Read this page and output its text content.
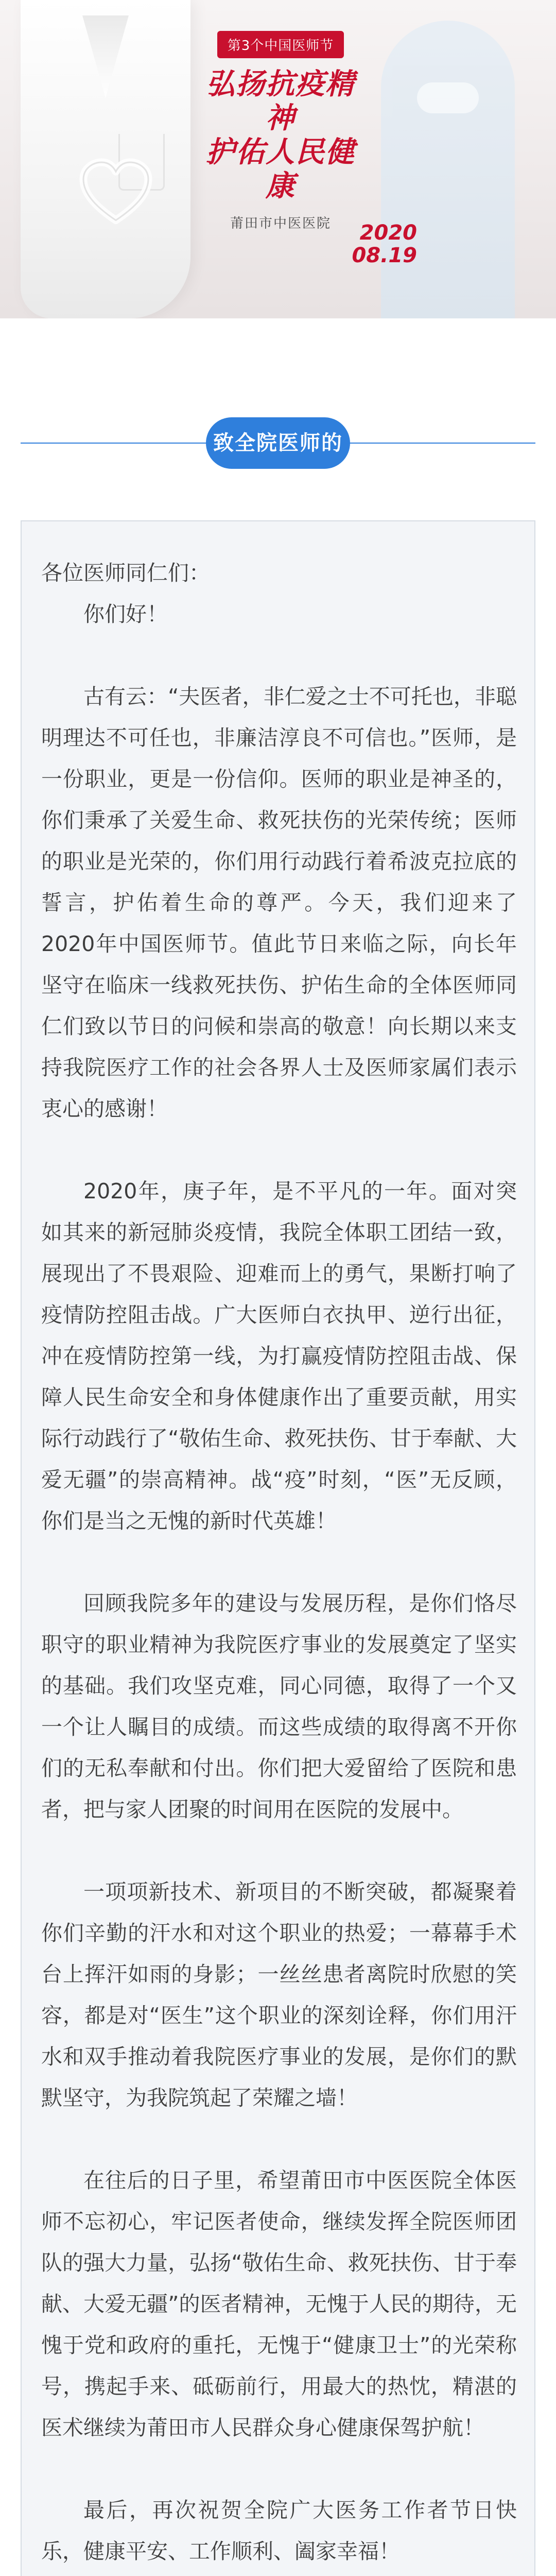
第3个中国医师节
弘扬抗疫精神
护佑人民健康
莆田市中医医院	2020
08.19
致全院医师的一封信

各位医师同仁们：

你们好！

古有云：“夫医者，非仁爱之士不可托也，非聪明理达不可任也，非廉洁淳良不可信也。”医师，是一份职业，更是一份信仰。医师的职业是神圣的，你们秉承了关爱生命、救死扶伤的光荣传统；医师的职业是光荣的，你们用行动践行着希波克拉底的誓言，护佑着生命的尊严。今天，我们迎来了2020年中国医师节。值此节日来临之际，向长年坚守在临床一线救死扶伤、护佑生命的全体医师同仁们致以节日的问候和崇高的敬意！向长期以来支持我院医疗工作的社会各界人士及医师家属们表示衷心的感谢！

2020年，庚子年，是不平凡的一年。面对突如其来的新冠肺炎疫情，我院全体职工团结一致，展现出了不畏艰险、迎难而上的勇气，果断打响了疫情防控阻击战。广大医师白衣执甲、逆行出征，冲在疫情防控第一线，为打赢疫情防控阻击战、保障人民生命安全和身体健康作出了重要贡献，用实际行动践行了“敬佑生命、救死扶伤、甘于奉献、大爱无疆”的崇高精神。战“疫”时刻，“医”无反顾，你们是当之无愧的新时代英雄！

回顾我院多年的建设与发展历程，是你们恪尽职守的职业精神为我院医疗事业的发展奠定了坚实的基础。我们攻坚克难，同心同德，取得了一个又一个让人瞩目的成绩。而这些成绩的取得离不开你们的无私奉献和付出。你们把大爱留给了医院和患者，把与家人团聚的时间用在医院的发展中。

一项项新技术、新项目的不断突破，都凝聚着你们辛勤的汗水和对这个职业的热爱；一幕幕手术台上挥汗如雨的身影；一丝丝患者离院时欣慰的笑容，都是对“医生”这个职业的深刻诠释，你们用汗水和双手推动着我院医疗事业的发展，是你们的默默坚守，为我院筑起了荣耀之墙！

在往后的日子里，希望莆田市中医医院全体医师不忘初心，牢记医者使命，继续发挥全院医师团队的强大力量，弘扬“敬佑生命、救死扶伤、甘于奉献、大爱无疆”的医者精神，无愧于人民的期待，无愧于党和政府的重托，无愧于“健康卫士”的光荣称号，携起手来、砥砺前行，用最大的热忱，精湛的医术继续为莆田市人民群众身心健康保驾护航！

最后，再次祝贺全院广大医务工作者节日快乐，健康平安、工作顺利、阖家幸福！
